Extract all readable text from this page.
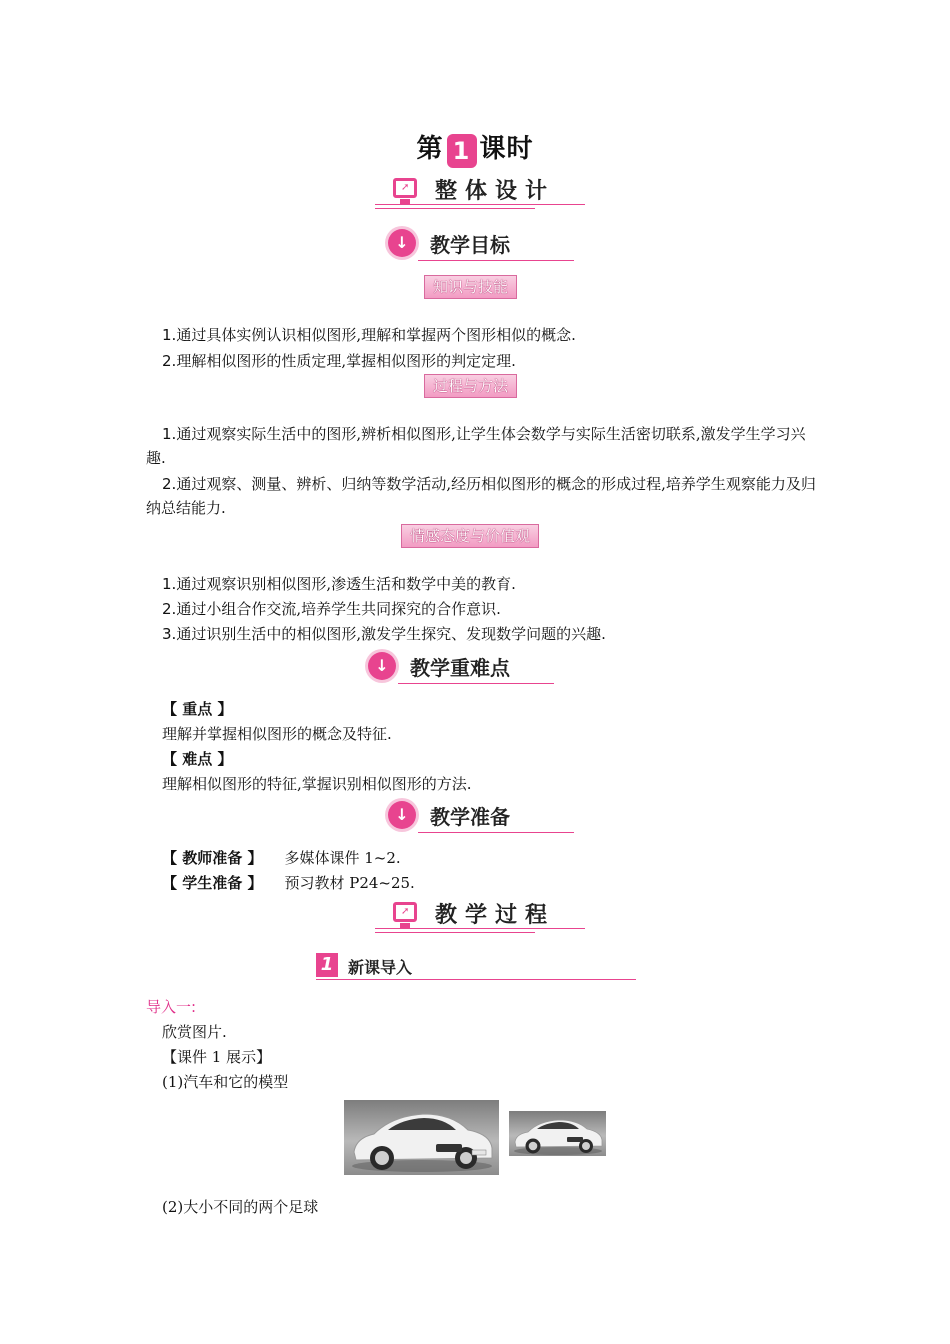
第 1 课时
➚ 整体设计
↓	教学目标
知识与技能
1.通过具体实例认识相似图形,理解和掌握两个图形相似的概念.
2.理解相似图形的性质定理,掌握相似图形的判定定理.
过程与方法
1.通过观察实际生活中的图形,辨析相似图形,让学生体会数学与实际生活密切联系,激发学生学习兴趣.
2.通过观察、测量、辨析、归纳等数学活动,经历相似图形的概念的形成过程,培养学生观察能力及归纳总结能力.
情感态度与价值观
1.通过观察识别相似图形,渗透生活和数学中美的教育.
2.通过小组合作交流,培养学生共同探究的合作意识.
3.通过识别生活中的相似图形,激发学生探究、发现数学问题的兴趣.
↓	教学重难点
【 重点 】
理解并掌握相似图形的概念及特征.
【 难点 】
理解相似图形的特征,掌握识别相似图形的方法.
↓	教学准备
【 教师准备 】 多媒体课件 1~2.
【 学生准备 】 预习教材 P24~25.
➚ 教学过程
1 新课导入
导入一:
欣赏图片.
【课件 1 展示】
(1)汽车和它的模型
(2)大小不同的两个足球
